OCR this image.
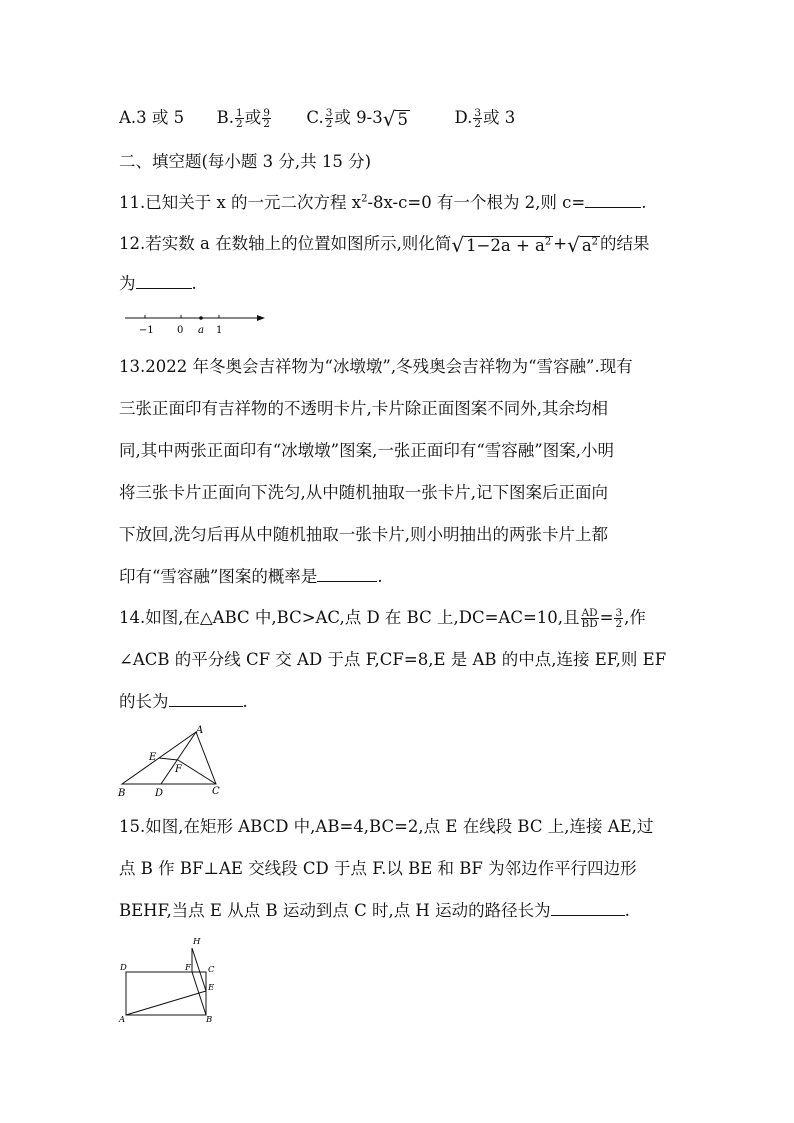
A.3 或 5 B. $\frac{1}{2}$ 或 $\frac{9}{2} C$. $\frac{3}{2}$ 或 9-3 √ 5	D. $\frac{3}{2}$ 或 3
二、填空题(每小题 3 分,共 15 分)
11.已知关于 x 的一元二次方程 $x^2-8x-c=0$ 有一个根为 2,则 c=	.
12.若实数 a 在数轴上的位置如图所示,则化简 √ $1-2a + a^2$ + √ $a^2$ 的结果
为	.
−1 0 a 1
13.2022 年冬奥会吉祥物为“冰墩墩”,冬残奥会吉祥物为“雪容融”.现有
三张正面印有吉祥物的不透明卡片,卡片除正面图案不同外,其余均相
同,其中两张正面印有“冰墩墩”图案,一张正面印有“雪容融”图案,小明
将三张卡片正面向下洗匀,从中随机抽取一张卡片,记下图案后正面向
下放回,洗匀后再从中随机抽取一张卡片,则小明抽出的两张卡片上都
印有“雪容融”图案的概率是	.
14.如图,在△ABC 中,BC>AC,点 D 在 BC 上,DC=AC=10,且 $\frac{AD}{BD} = \frac{3}{2}$ ,作
∠ACB 的平分线 CF 交 AD 于点 F,CF=8,E 是 AB 的中点,连接 EF,则 EF
的长为	.
A
E
F
B	D	C
15.如图,在矩形 ABCD 中,AB=4,BC=2,点 E 在线段 BC 上,连接 AE,过
点 B 作 BF⊥AE 交线段 CD 于点 F.以 BE 和 BF 为邻边作平行四边形
BEHF,当点 E 从点 B 运动到点 C 时,点 H 运动的路径长为	.
H
D	F C
E
A	B
